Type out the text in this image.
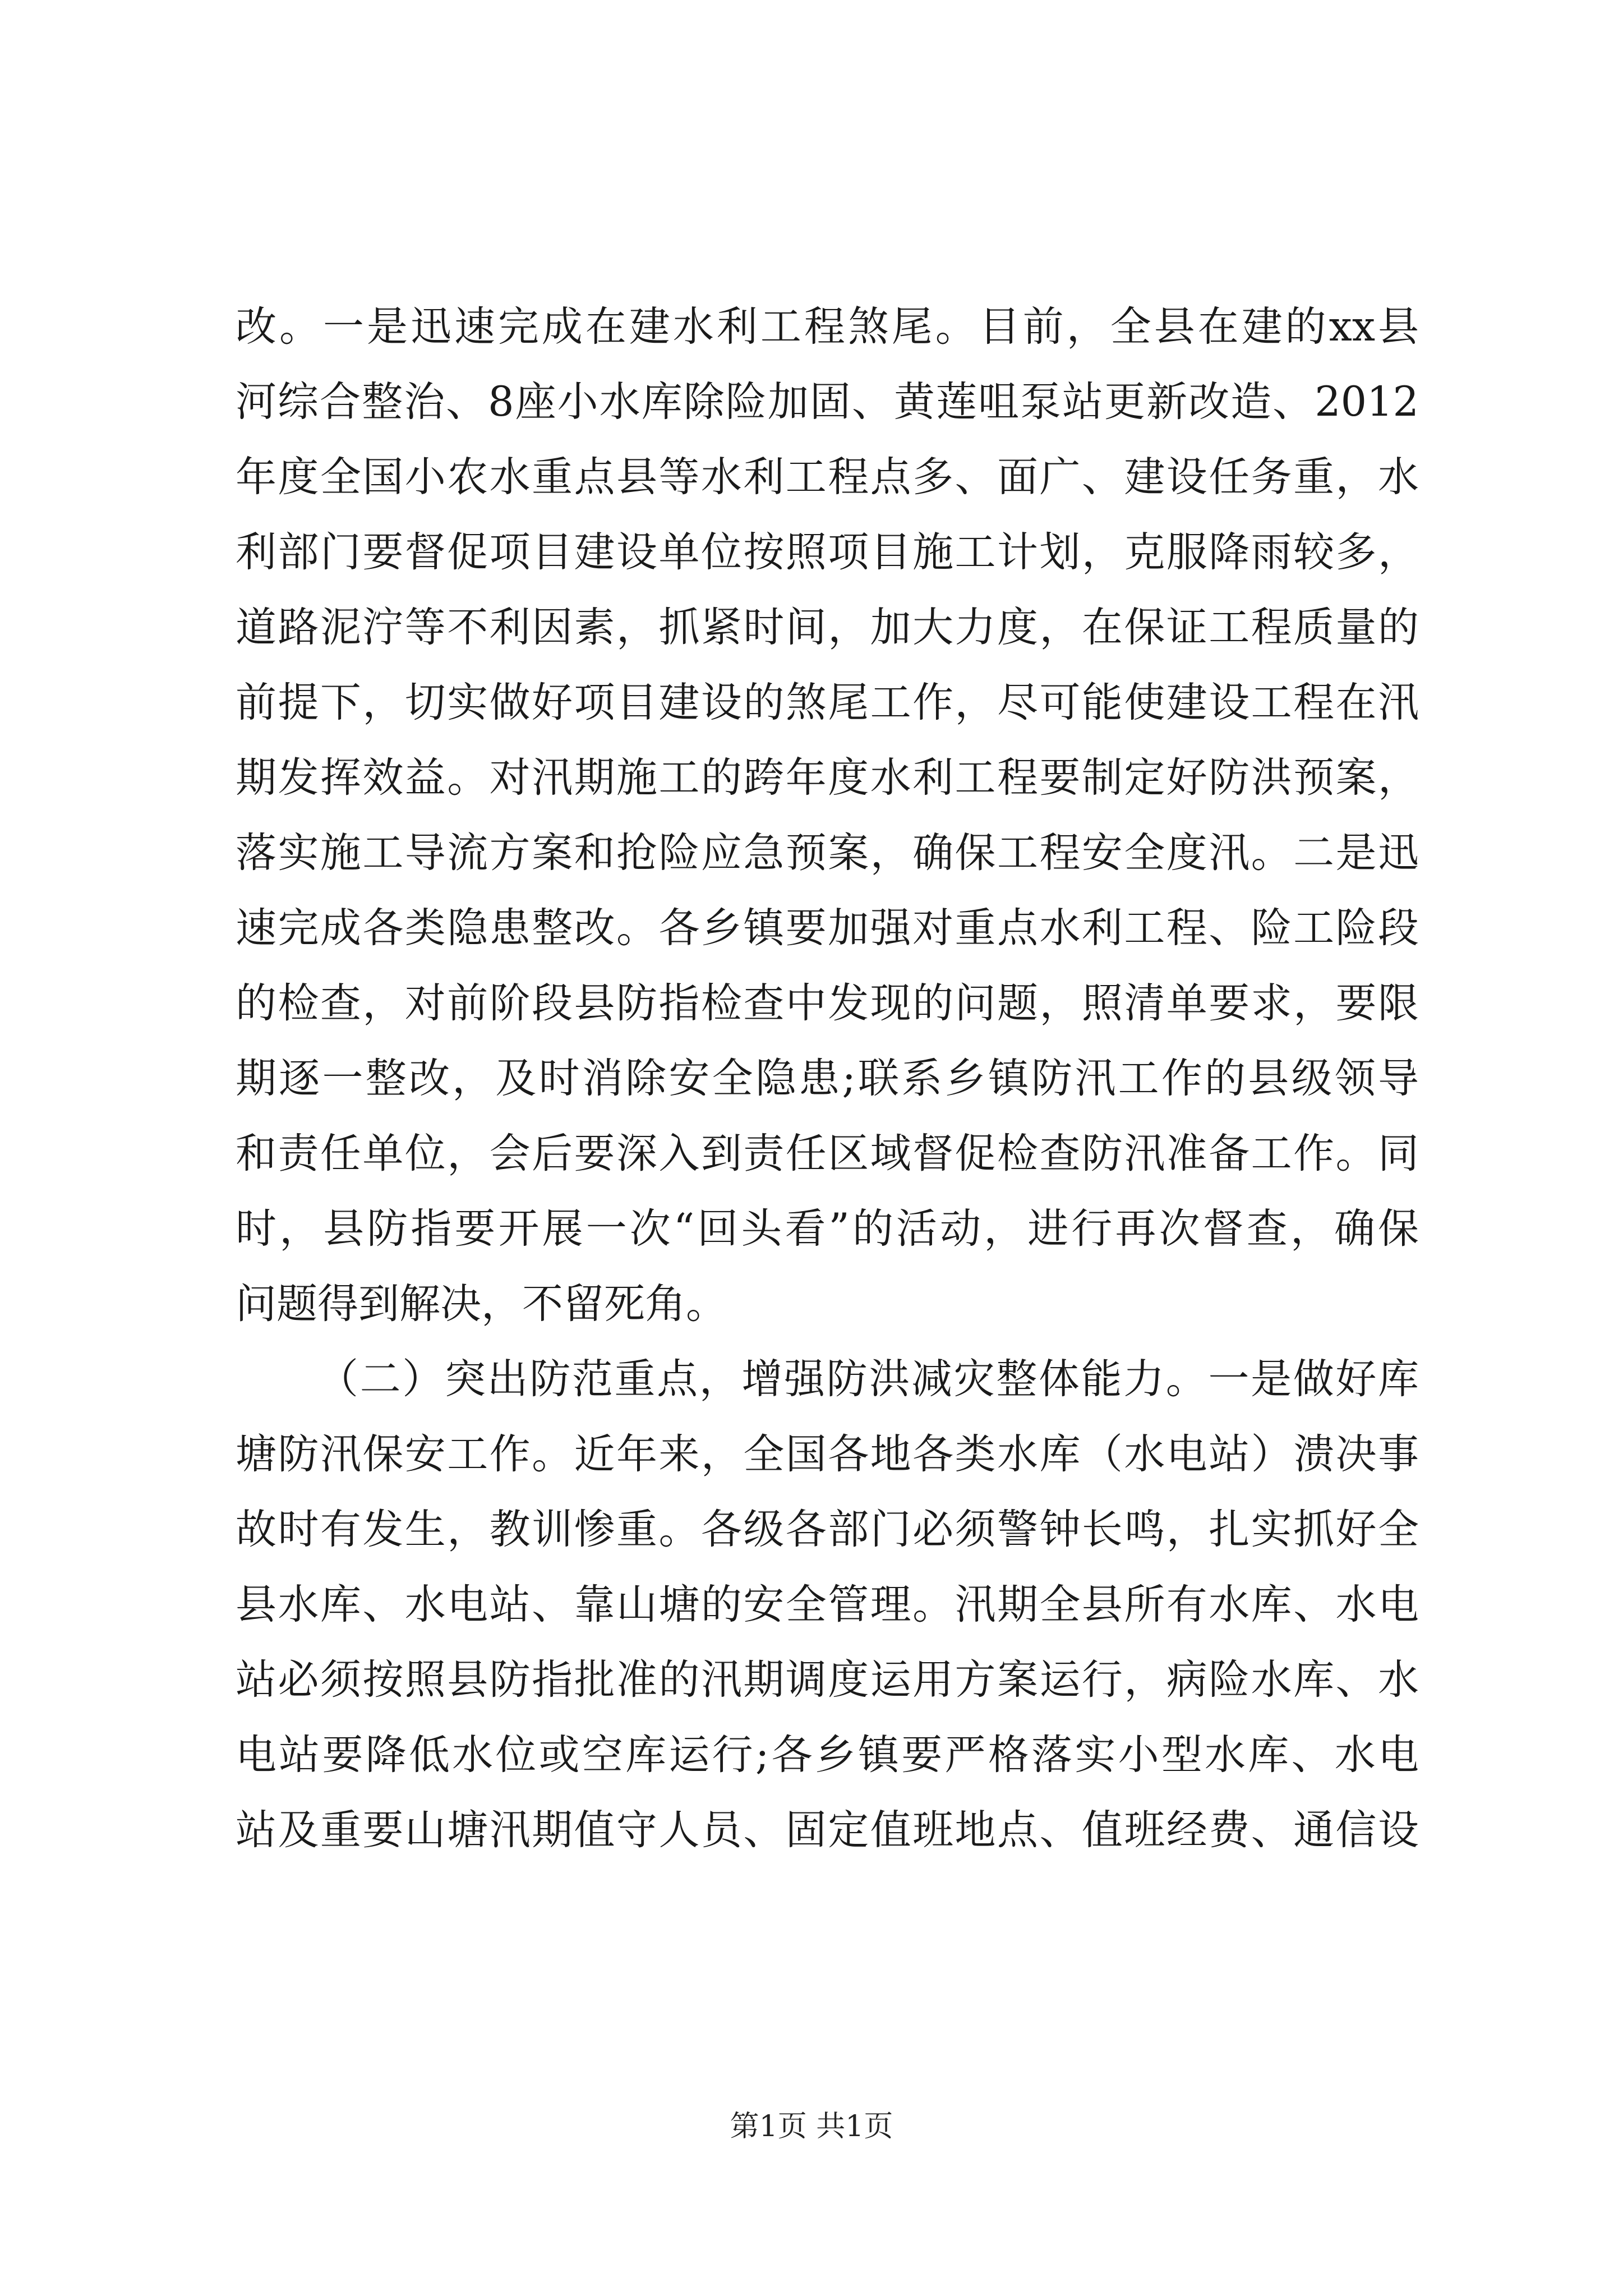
改。一是迅速完成在建水利工程煞尾。目前，全县在建的xx县
河综合整治、8座小水库除险加固、黄莲咀泵站更新改造、2012
年度全国小农水重点县等水利工程点多、面广、建设任务重，水
利部门要督促项目建设单位按照项目施工计划，克服降雨较多，
道路泥泞等不利因素，抓紧时间，加大力度，在保证工程质量的
前提下，切实做好项目建设的煞尾工作，尽可能使建设工程在汛
期发挥效益。对汛期施工的跨年度水利工程要制定好防洪预案，
落实施工导流方案和抢险应急预案，确保工程安全度汛。二是迅
速完成各类隐患整改。各乡镇要加强对重点水利工程、险工险段
的检查，对前阶段县防指检查中发现的问题，照清单要求，要限
期逐一整改，及时消除安全隐患;联系乡镇防汛工作的县级领导
和责任单位，会后要深入到责任区域督促检查防汛准备工作。同
时，县防指要开展一次“回头看”的活动，进行再次督查，确保
问题得到解决，不留死角。
（二）突出防范重点，增强防洪减灾整体能力。一是做好库
塘防汛保安工作。近年来，全国各地各类水库（水电站）溃决事
故时有发生，教训惨重。各级各部门必须警钟长鸣，扎实抓好全
县水库、水电站、靠山塘的安全管理。汛期全县所有水库、水电
站必须按照县防指批准的汛期调度运用方案运行，病险水库、水
电站要降低水位或空库运行;各乡镇要严格落实小型水库、水电
站及重要山塘汛期值守人员、固定值班地点、值班经费、通信设
第1页 共1页
